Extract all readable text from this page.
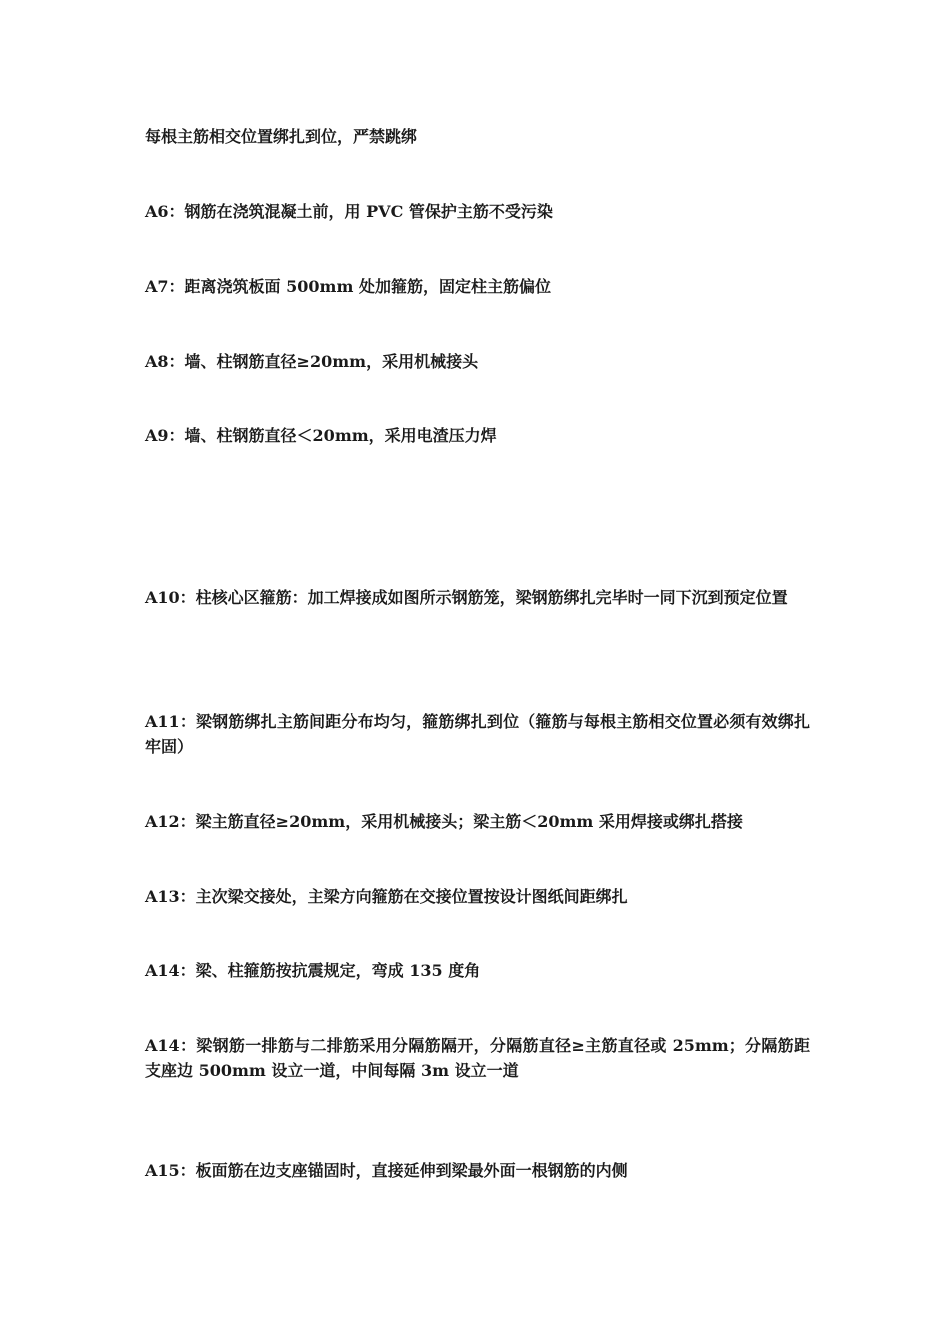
每根主筋相交位置绑扎到位，严禁跳绑

A6：钢筋在浇筑混凝土前，用 PVC 管保护主筋不受污染

A7：距离浇筑板面 500mm 处加箍筋，固定柱主筋偏位

A8：墙、柱钢筋直径≥20mm，采用机械接头

A9：墙、柱钢筋直径＜20mm，采用电渣压力焊

A10：柱核心区箍筋：加工焊接成如图所示钢筋笼，梁钢筋绑扎完毕时一同下沉到预定位置

A11：梁钢筋绑扎主筋间距分布均匀，箍筋绑扎到位（箍筋与每根主筋相交位置必须有效绑扎牢固）

A12：梁主筋直径≥20mm，采用机械接头；梁主筋＜20mm 采用焊接或绑扎搭接

A13：主次梁交接处，主梁方向箍筋在交接位置按设计图纸间距绑扎

A14：梁、柱箍筋按抗震规定，弯成 135 度角

A14：梁钢筋一排筋与二排筋采用分隔筋隔开，分隔筋直径≥主筋直径或 25mm；分隔筋距支座边 500mm 设立一道，中间每隔 3m 设立一道

A15：板面筋在边支座锚固时，直接延伸到梁最外面一根钢筋的内侧
